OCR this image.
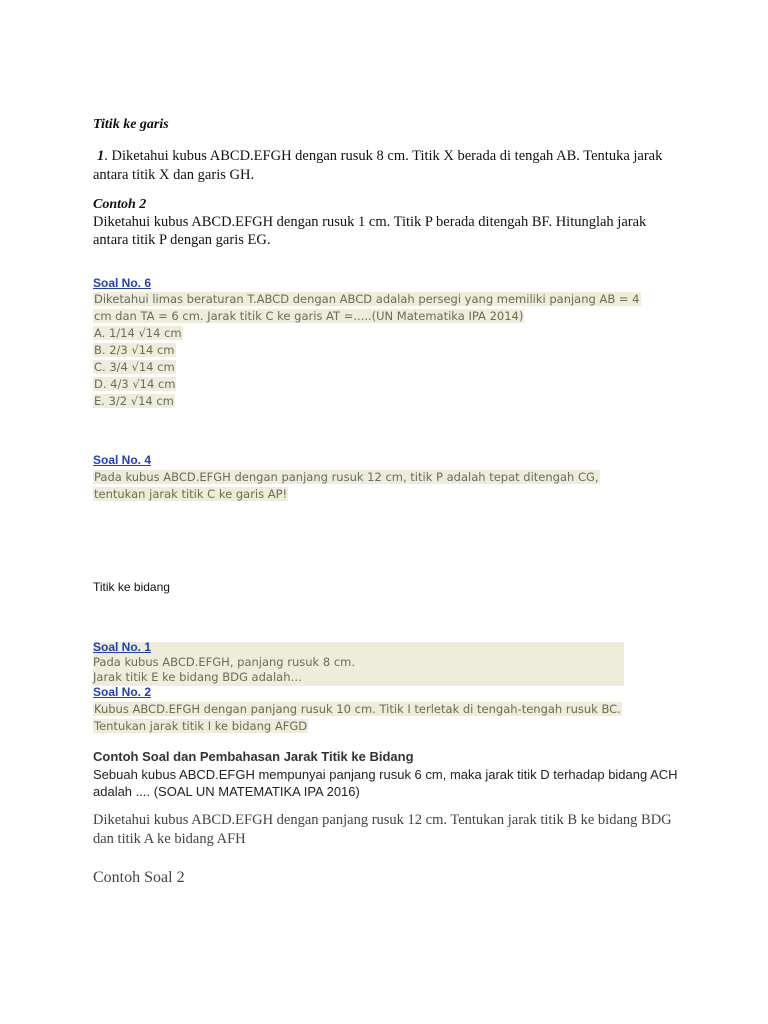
Titik ke garis
1. Diketahui kubus ABCD.EFGH dengan rusuk 8 cm. Titik X berada di tengah AB. Tentuka jarak antara titik X dan garis GH.
Contoh 2
Diketahui kubus ABCD.EFGH dengan rusuk 1 cm. Titik P berada ditengah BF. Hitunglah jarak antara titik P dengan garis EG.
Soal No. 6
Diketahui limas beraturan T.ABCD dengan ABCD adalah persegi yang memiliki panjang AB = 4
cm dan TA = 6 cm. Jarak titik C ke garis AT =.....(UN Matematika IPA 2014)
A. 1/14 √14 cm
B. 2/3 √14 cm
C. 3/4 √14 cm
D. 4/3 √14 cm
E. 3/2 √14 cm
Soal No. 4
Pada kubus ABCD.EFGH dengan panjang rusuk 12 cm, titik P adalah tepat ditengah CG,
tentukan jarak titik C ke garis AP!
Titik ke bidang
Soal No. 1
Pada kubus ABCD.EFGH, panjang rusuk 8 cm.
Jarak titik E ke bidang BDG adalah…
Soal No. 2
Kubus ABCD.EFGH dengan panjang rusuk 10 cm. Titik I terletak di tengah-tengah rusuk BC.
Tentukan jarak titik I ke bidang AFGD
Contoh Soal dan Pembahasan Jarak Titik ke Bidang
Sebuah kubus ABCD.EFGH mempunyai panjang rusuk 6 cm, maka jarak titik D terhadap bidang ACH adalah .... (SOAL UN MATEMATIKA IPA 2016)
Diketahui kubus ABCD.EFGH dengan panjang rusuk 12 cm. Tentukan jarak titik B ke bidang BDG dan titik A ke bidang AFH
Contoh Soal 2
